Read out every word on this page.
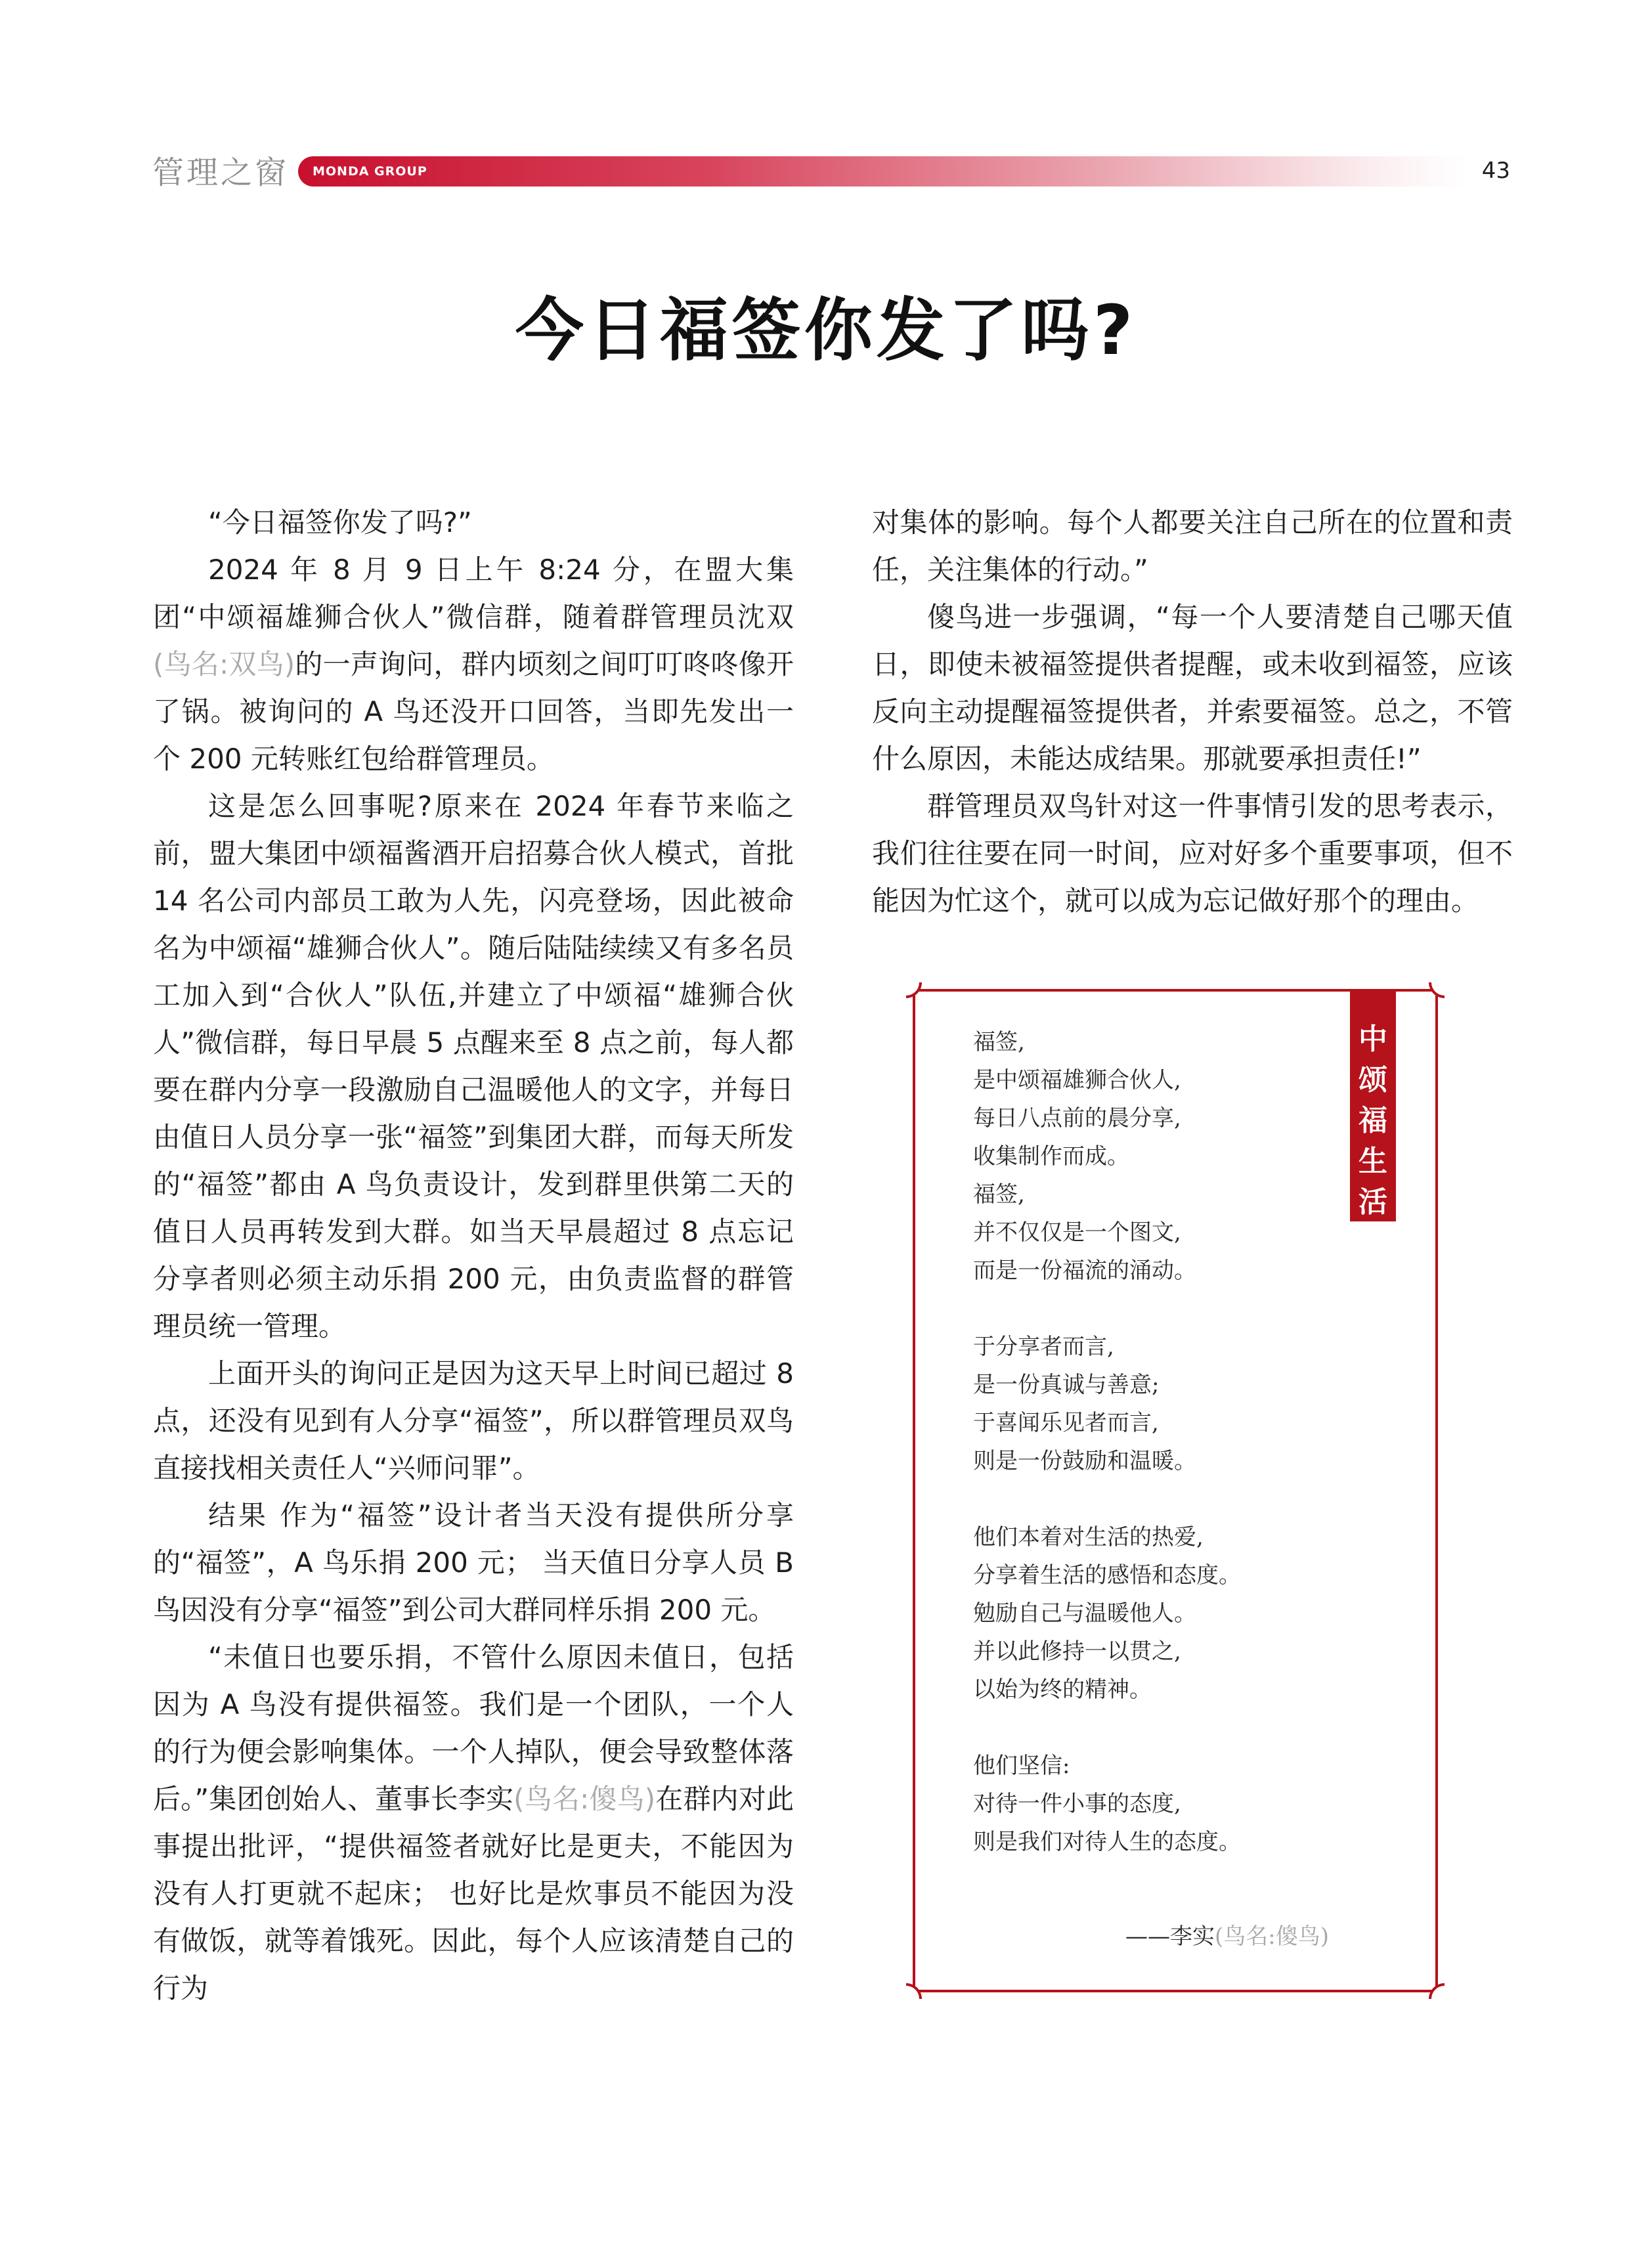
管理之窗 MONDA GROUP	43
今日福签你发了吗?

“今日福签你发了吗?”

2024 年 8 月 9 日上午 8:24 分，在盟大集团“中颂福雄狮合伙人”微信群，随着群管理员沈双(鸟名:双鸟)的一声询问，群内顷刻之间叮叮咚咚像开了锅。被询问的 A 鸟还没开口回答，当即先发出一个 200 元转账红包给群管理员。

这是怎么回事呢?原来在 2024 年春节来临之前，盟大集团中颂福酱酒开启招募合伙人模式，首批 14 名公司内部员工敢为人先，闪亮登场，因此被命名为中颂福“雄狮合伙人”。随后陆陆续续又有多名员工加入到“合伙人”队伍,并建立了中颂福“雄狮合伙人”微信群，每日早晨 5 点醒来至 8 点之前，每人都要在群内分享一段激励自己温暖他人的文字，并每日由值日人员分享一张“福签”到集团大群，而每天所发的“福签”都由 A 鸟负责设计，发到群里供第二天的值日人员再转发到大群。如当天早晨超过 8 点忘记分享者则必须主动乐捐 200 元，由负责监督的群管理员统一管理。

上面开头的询问正是因为这天早上时间已超过 8 点，还没有见到有人分享“福签”，所以群管理员双鸟直接找相关责任人“兴师问罪”。

结果 作为“福签”设计者当天没有提供所分享的“福签”，A 鸟乐捐 200 元； 当天值日分享人员 B 鸟因没有分享“福签”到公司大群同样乐捐 200 元。

“未值日也要乐捐，不管什么原因未值日，包括因为 A 鸟没有提供福签。我们是一个团队，一个人的行为便会影响集体。一个人掉队，便会导致整体落后。”集团创始人、董事长李实(鸟名:傻鸟)在群内对此事提出批评，“提供福签者就好比是更夫，不能因为没有人打更就不起床； 也好比是炊事员不能因为没有做饭，就等着饿死。因此，每个人应该清楚自己的行为

对集体的影响。每个人都要关注自己所在的位置和责任，关注集体的行动。”

傻鸟进一步强调，“每一个人要清楚自己哪天值日，即使未被福签提供者提醒，或未收到福签，应该反向主动提醒福签提供者，并索要福签。总之，不管什么原因，未能达成结果。那就要承担责任!”

群管理员双鸟针对这一件事情引发的思考表示，我们往往要在同一时间，应对好多个重要事项，但不能因为忙这个，就可以成为忘记做好那个的理由。

中
颂
福
生
活
福签,
是中颂福雄狮合伙人,
每日八点前的晨分享,
收集制作而成。
福签,
并不仅仅是一个图文,
而是一份福流的涌动。
于分享者而言,
是一份真诚与善意;
于喜闻乐见者而言,
则是一份鼓励和温暖。
他们本着对生活的热爱,
分享着生活的感悟和态度。
勉励自己与温暖他人。
并以此修持一以贯之,
以始为终的精神。
他们坚信:
对待一件小事的态度,
则是我们对待人生的态度。
——李实(鸟名:傻鸟)
